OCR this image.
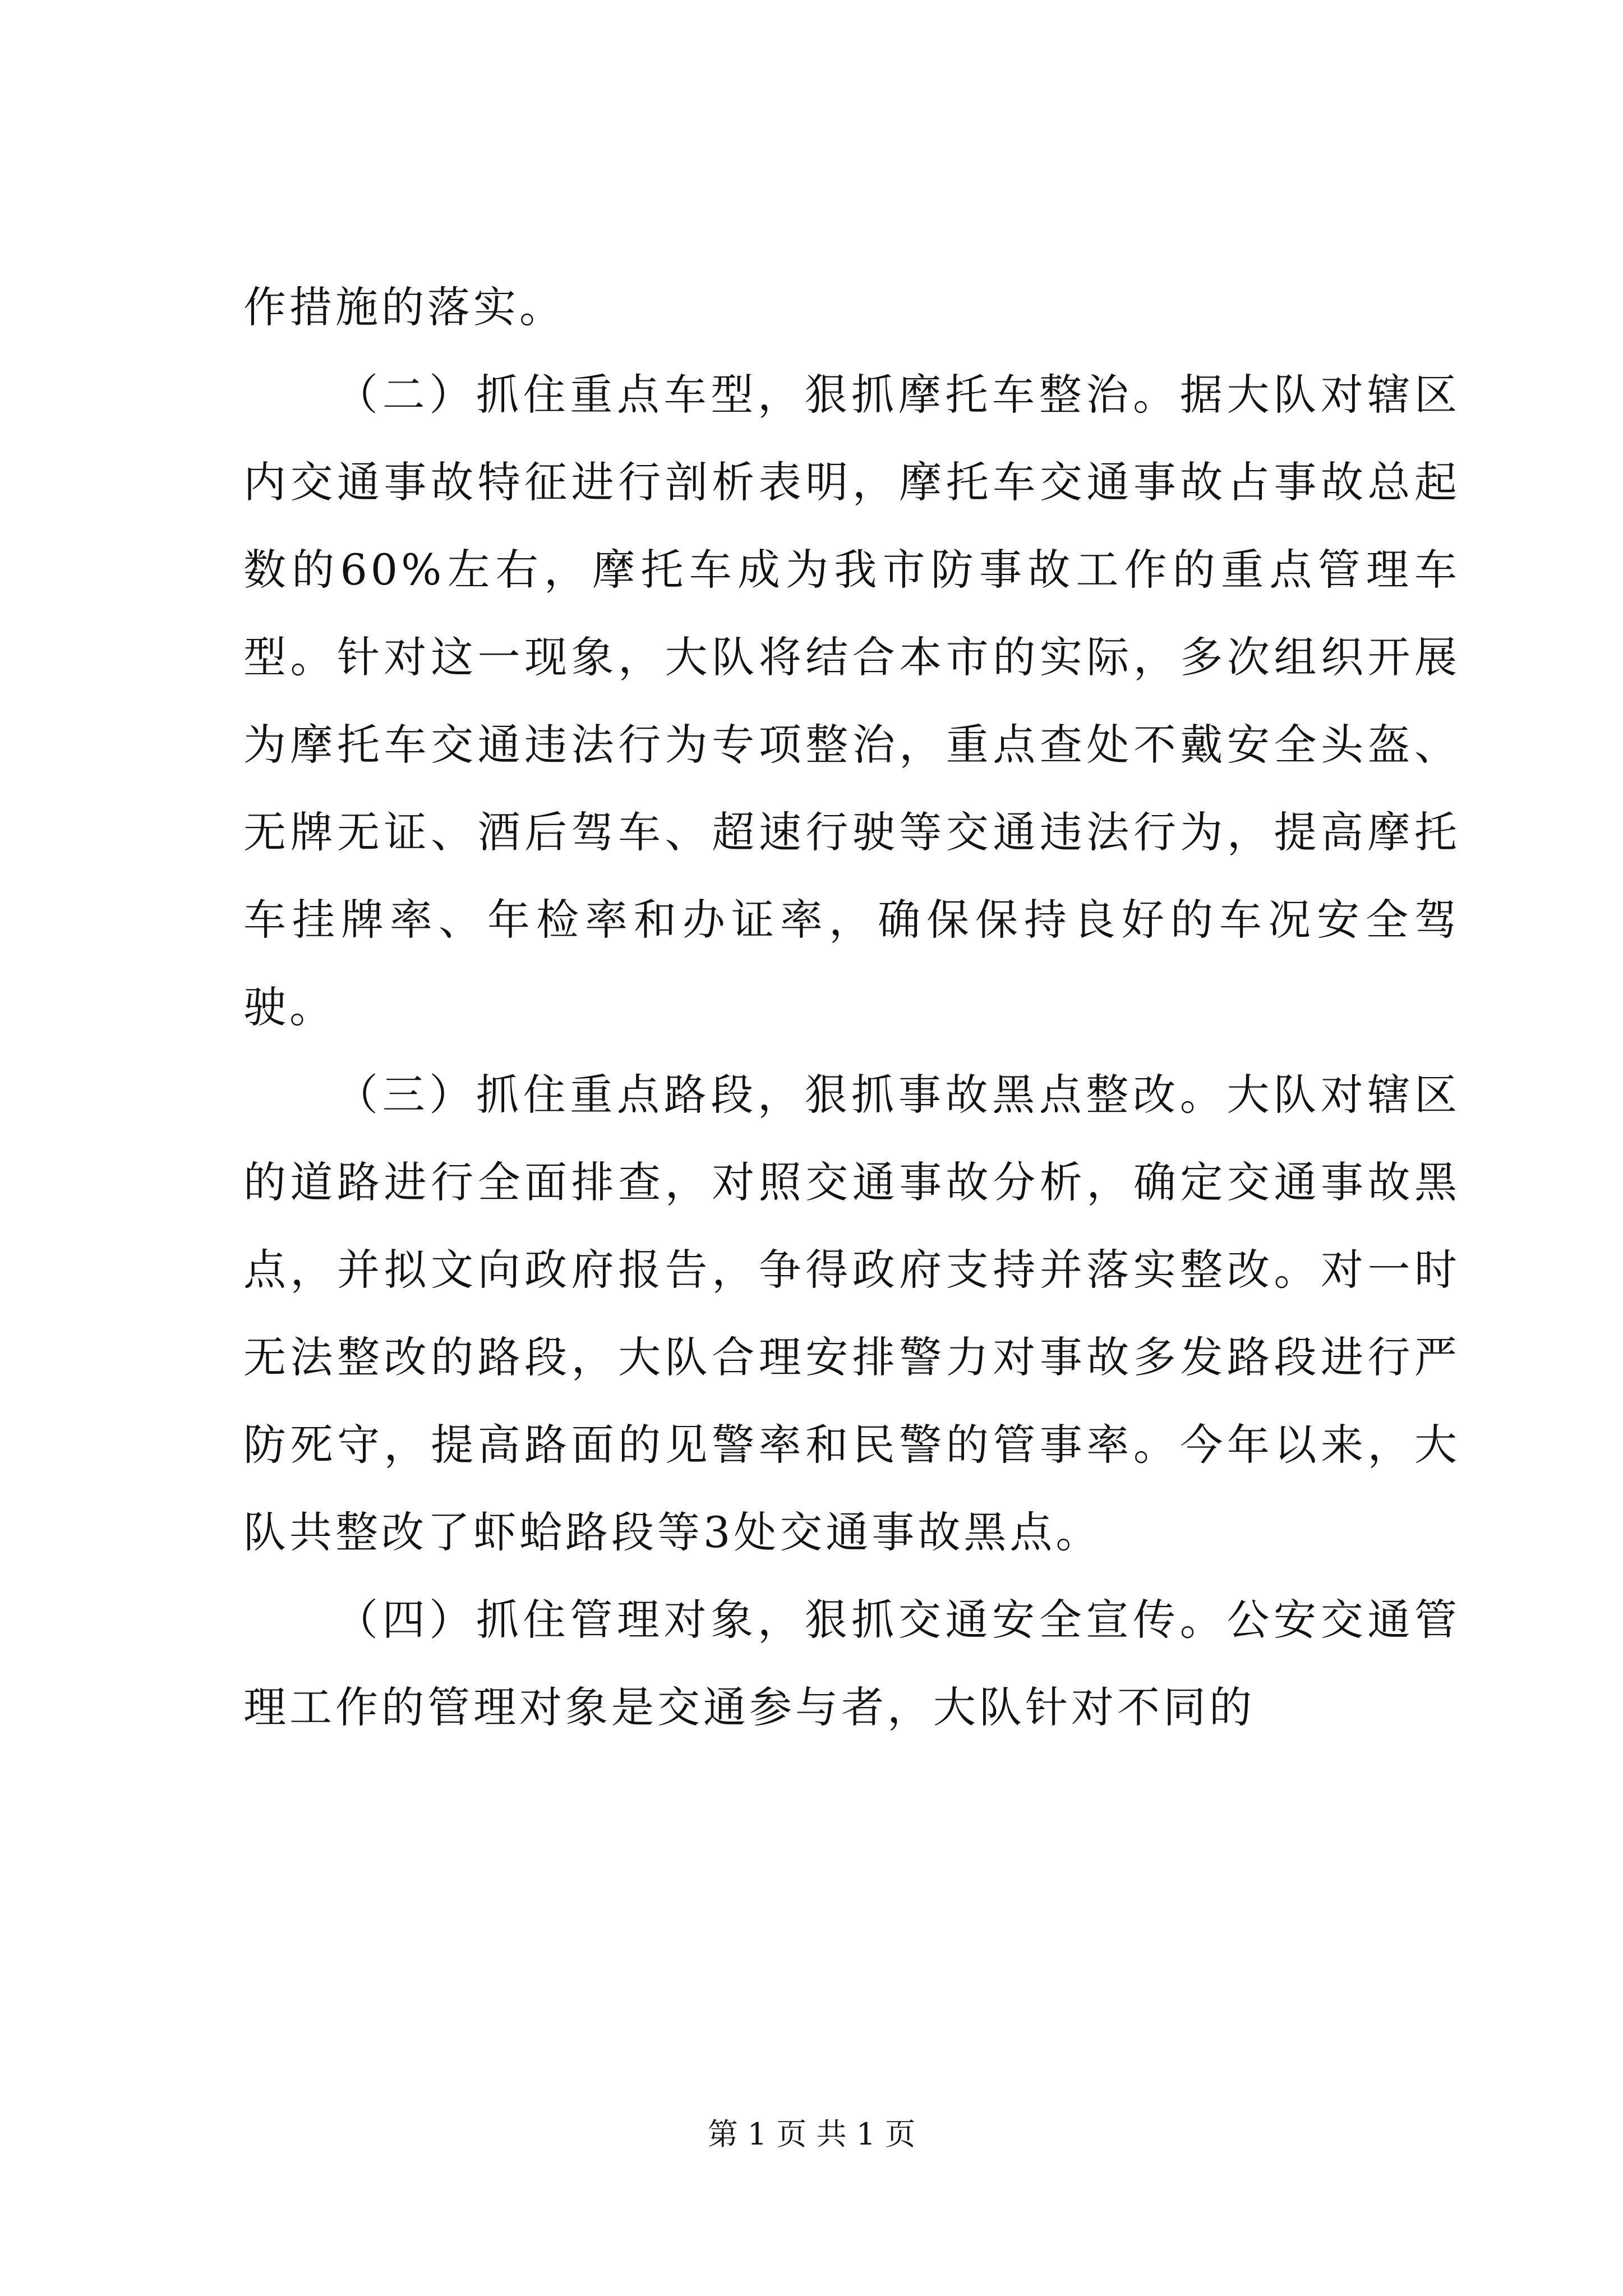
作措施的落实。

（二）抓住重点车型，狠抓摩托车整治。据大队对辖区内交通事故特征进行剖析表明，摩托车交通事故占事故总起数的60%左右，摩托车成为我市防事故工作的重点管理车型。针对这一现象，大队将结合本市的实际，多次组织开展为摩托车交通违法行为专项整治，重点查处不戴安全头盔、无牌无证、酒后驾车、超速行驶等交通违法行为，提高摩托车挂牌率、年检率和办证率，确保保持良好的车况安全驾驶。

（三）抓住重点路段，狠抓事故黑点整改。大队对辖区的道路进行全面排查，对照交通事故分析，确定交通事故黑点，并拟文向政府报告，争得政府支持并落实整改。对一时无法整改的路段，大队合理安排警力对事故多发路段进行严防死守，提高路面的见警率和民警的管事率。今年以来，大队共整改了虾蛤路段等3处交通事故黑点。

（四）抓住管理对象，狠抓交通安全宣传。公安交通管理工作的管理对象是交通参与者，大队针对不同的

第 1 页 共 1 页
